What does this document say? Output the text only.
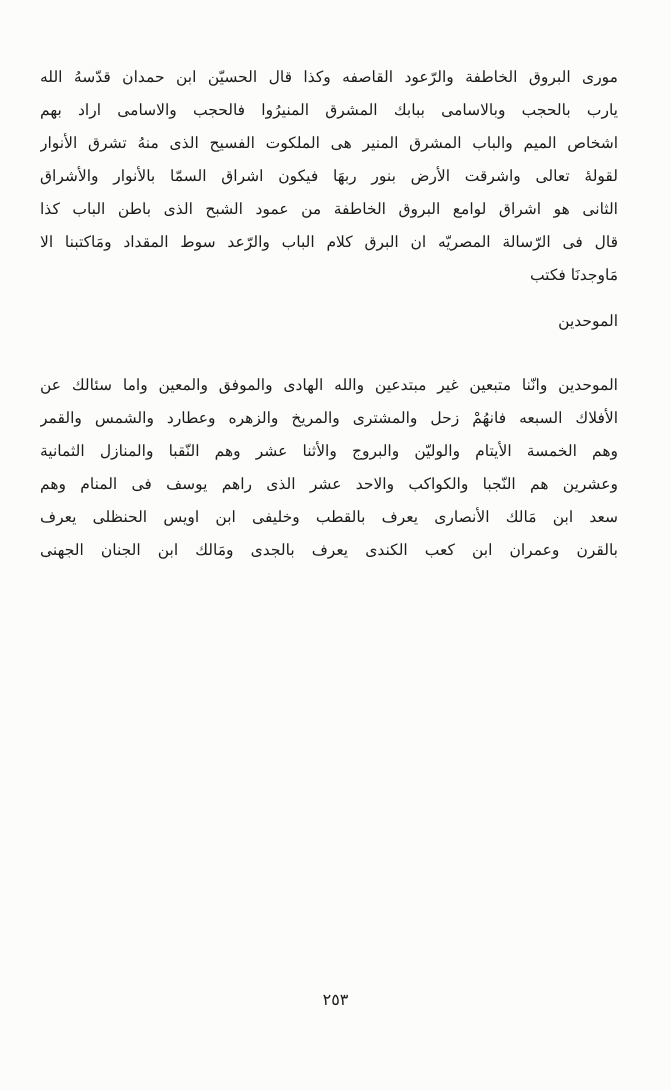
مورى البروق الخاطفة والرّعود القاصفه وكذا قال الحسيّن ابن حمدان قدّسهُ الله
يارب بالحجب وبالاسامى ببابك المشرق المنيرُوا فالحجب والاسامى اراد بهم
اشخاص الميم والباب المشرق المنير هى الملكوت الفسيح الذى منهُ تشرق الأنوار
لقولهٔ تعالى واشرقت الأرض بنور ربهَا فيكون اشراق السمّا بالأنوار والأشراق
الثانى هو اشراق لوامع البروق الخاطفة من عمود الشبح الذى باطن الباب كذا
قال فى الرّسالة المصريّه ان البرق كلام الباب والرّعد سوط المقداد ومَاكتبنا الا
مَاوجدنَا فكتب
الموحدين
الموحدين وانّنا متبعين غير مبتدعين والله الهادى والموفق والمعين واما سئالك عن
الأفلاك السبعه فانهُمْ زحل والمشترى والمريخ والزهره وعطارد والشمس والقمر
وهم الخمسة الأيتام والوليّن والبروج والأثنا عشر وهم النّقبا والمنازل الثمانية
وعشرين هم النّجبا والكواكب والاحد عشر الذى راهم يوسف فى المنام وهم
سعد ابن مَالك الأنصارى يعرف بالقطب وخليفى ابن اويس الحنظلى يعرف
بالقرن وعمران ابن كعب الكندى يعرف بالجدى ومَالك ابن الجنان الجهنى
٢٥٣
